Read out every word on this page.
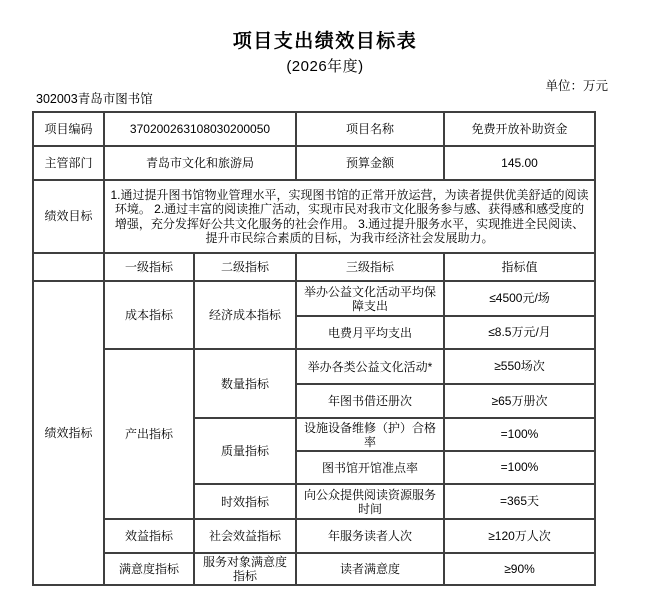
项目支出绩效目标表
(2026年度)
302003青岛市图书馆
单位：万元
项目编码	370200263108030200050		项目名称	免费开放补助资金
主管部门	青岛市文化和旅游局		预算金额	145.00
绩效目标	1.通过提升图书馆物业管理水平，实现图书馆的正常开放运营，为读者提供优美舒适的阅读环境。 2.通过丰富的阅读推广活动，实现市民对我市文化服务参与感、获得感和感受度的增强，充分发挥好公共文化服务的社会作用。 3.通过提升服务水平，实现推进全民阅读、提升市民综合素质的目标，为我市经济社会发展助力。			
	一级指标	二级指标	三级指标	指标值
绩效指标	成本指标	经济成本指标	举办公益文化活动平均保障支出	≤4500元/场
			电费月平均支出	≤8.5万元/月
	产出指标	数量指标	举办各类公益文化活动*	≥550场次
			年图书借还册次	≥65万册次
		质量指标	设施设备维修（护）合格率	=100%
			图书馆开馆准点率	=100%
		时效指标	向公众提供阅读资源服务时间	=365天
	效益指标	社会效益指标	年服务读者人次	≥120万人次
	满意度指标	服务对象满意度指标	读者满意度	≥90%
